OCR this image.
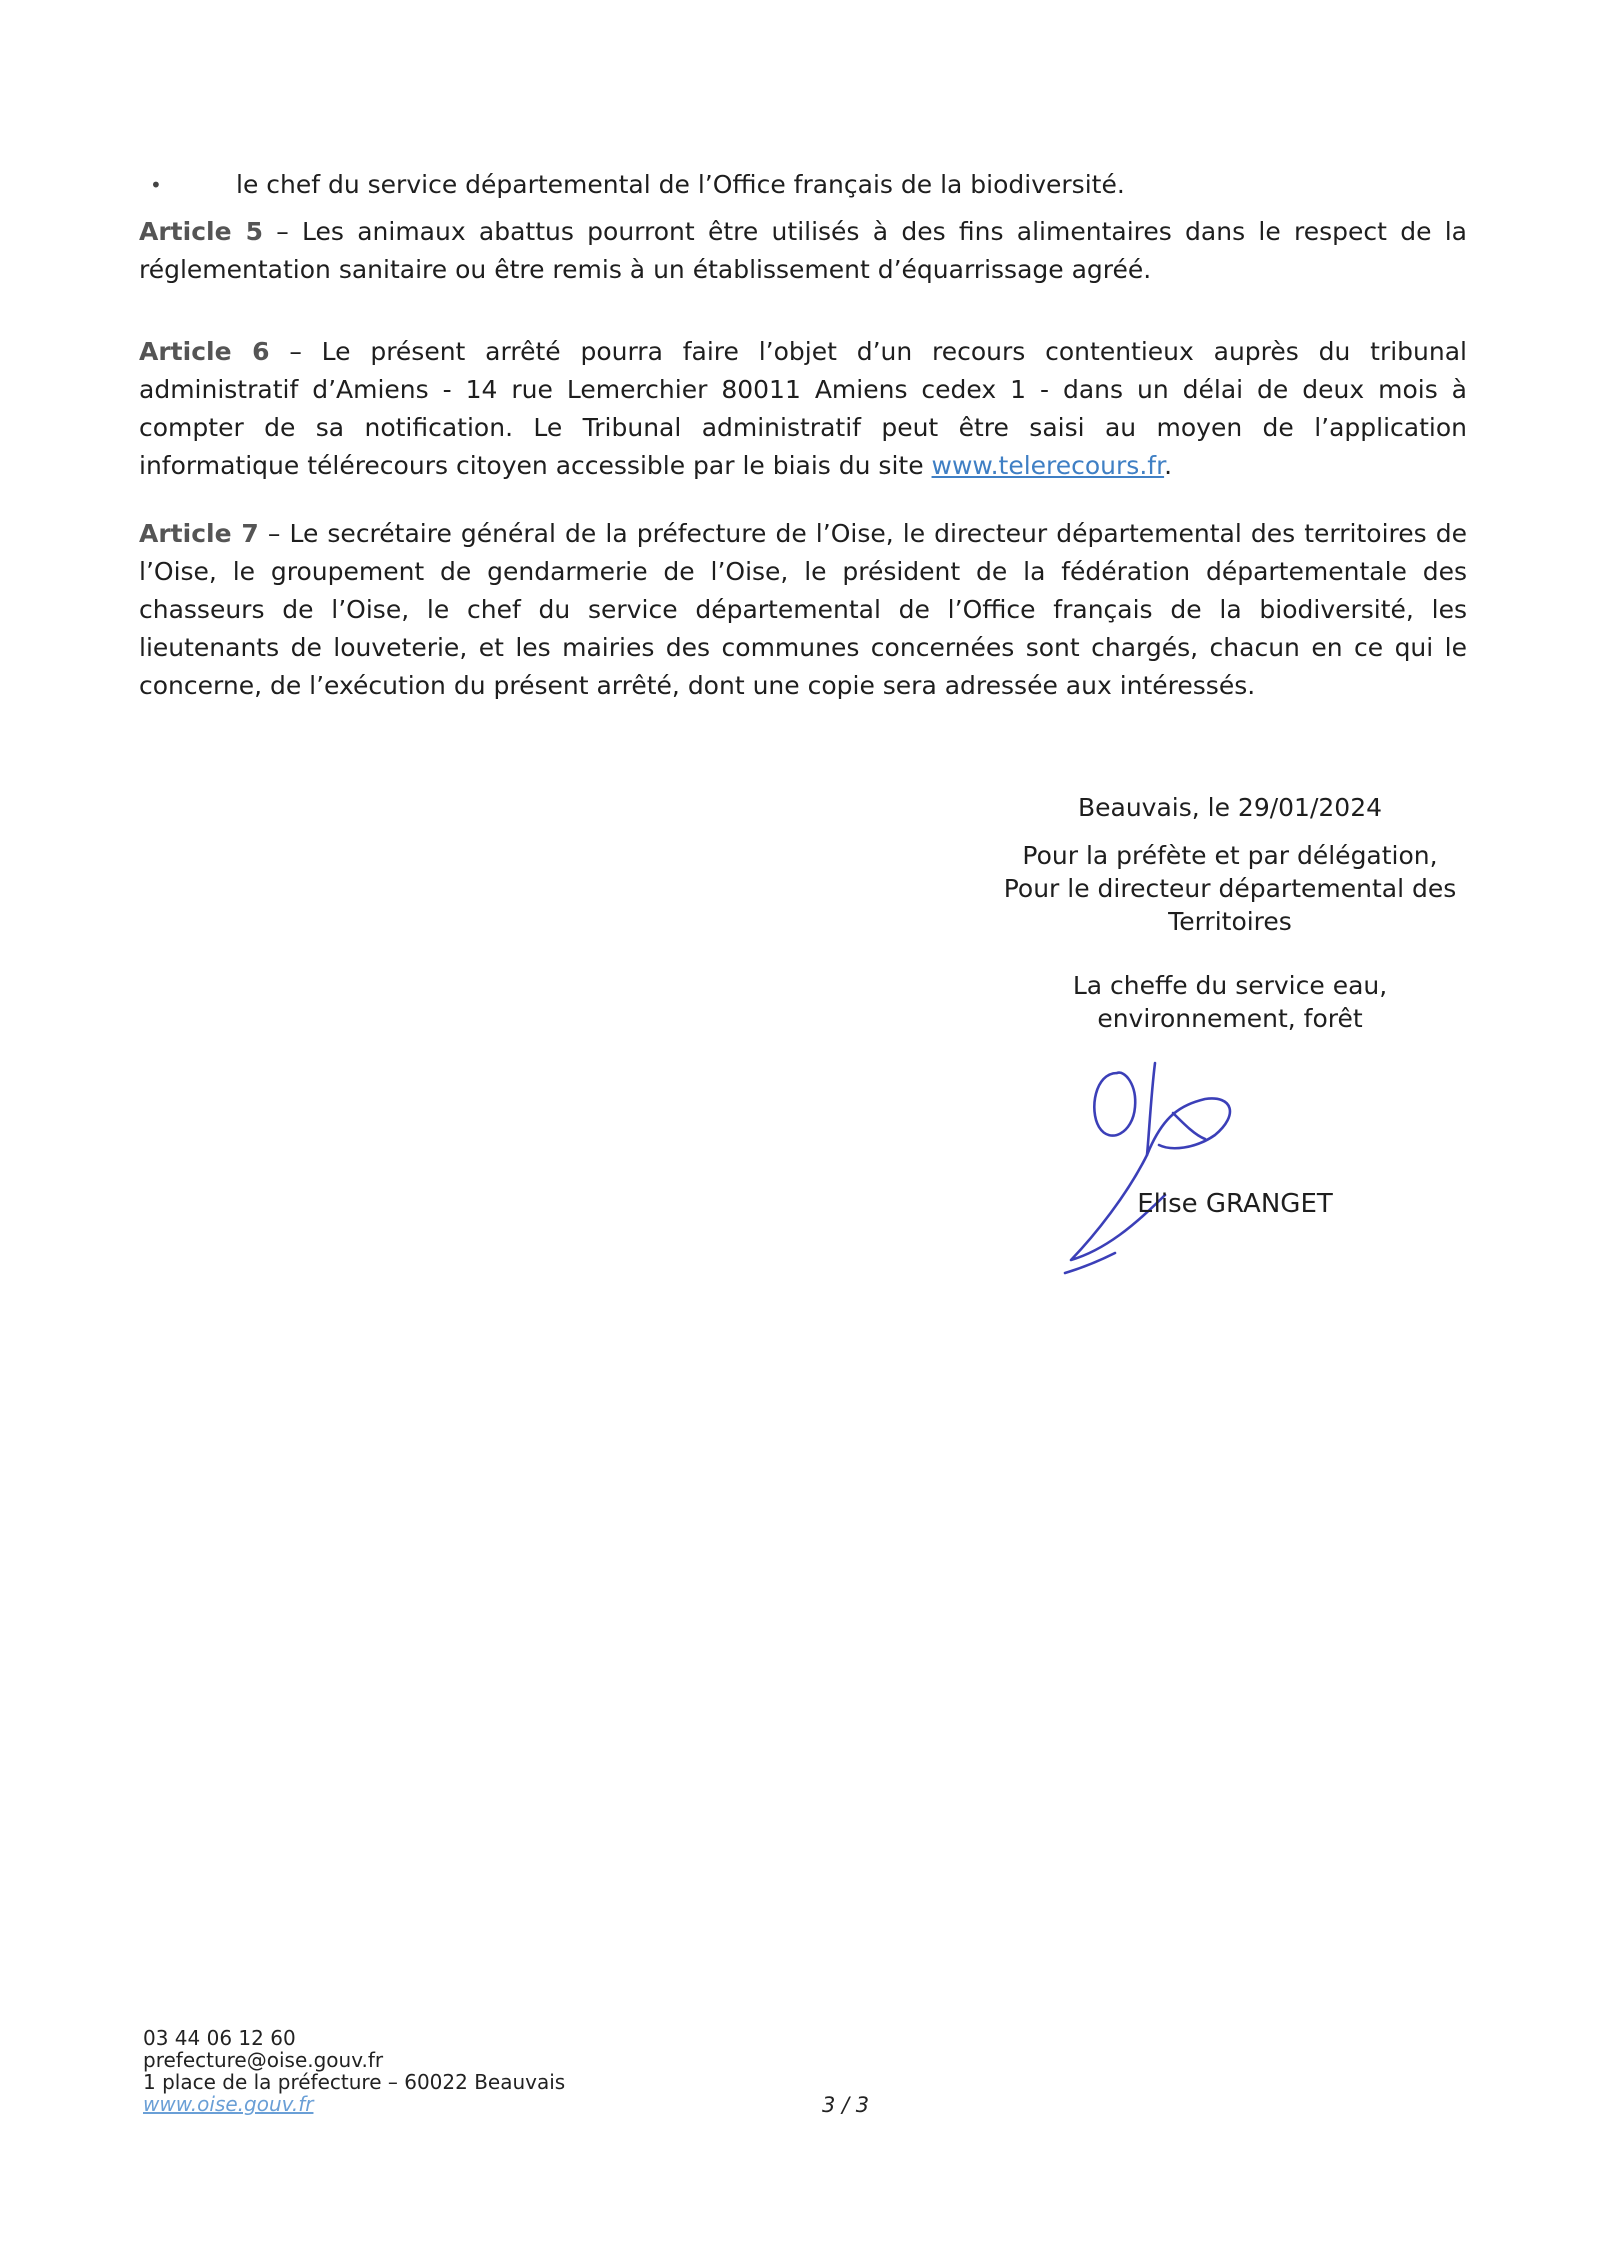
•	le chef du service départemental de l’Office français de la biodiversité.

Article 5 – Les animaux abattus pourront être utilisés à des fins alimentaires dans le respect de la réglementation sanitaire ou être remis à un établissement d’équarrissage agréé.

Article 6 – Le présent arrêté pourra faire l’objet d’un recours contentieux auprès du tribunal administratif d’Amiens - 14 rue Lemerchier 80011 Amiens cedex 1 - dans un délai de deux mois à compter de sa notification. Le Tribunal administratif peut être saisi au moyen de l’application informatique télérecours citoyen accessible par le biais du site www.telerecours.fr.

Article 7 – Le secrétaire général de la préfecture de l’Oise, le directeur départemental des territoires de l’Oise, le groupement de gendarmerie de l’Oise, le président de la fédération départementale des chasseurs de l’Oise, le chef du service départemental de l’Office français de la biodiversité, les lieutenants de louveterie, et les mairies des communes concernées sont chargés, chacun en ce qui le concerne, de l’exécution du présent arrêté, dont une copie sera adressée aux intéressés.

Beauvais, le 29/01/2024
Pour la préfète et par délégation,
Pour le directeur départemental des
Territoires
La cheffe du service eau,
environnement, forêt
Elise GRANGET
03 44 06 12 60
prefecture@oise.gouv.fr
1 place de la préfecture – 60022 Beauvais
www.oise.gouv.fr	3 / 3
